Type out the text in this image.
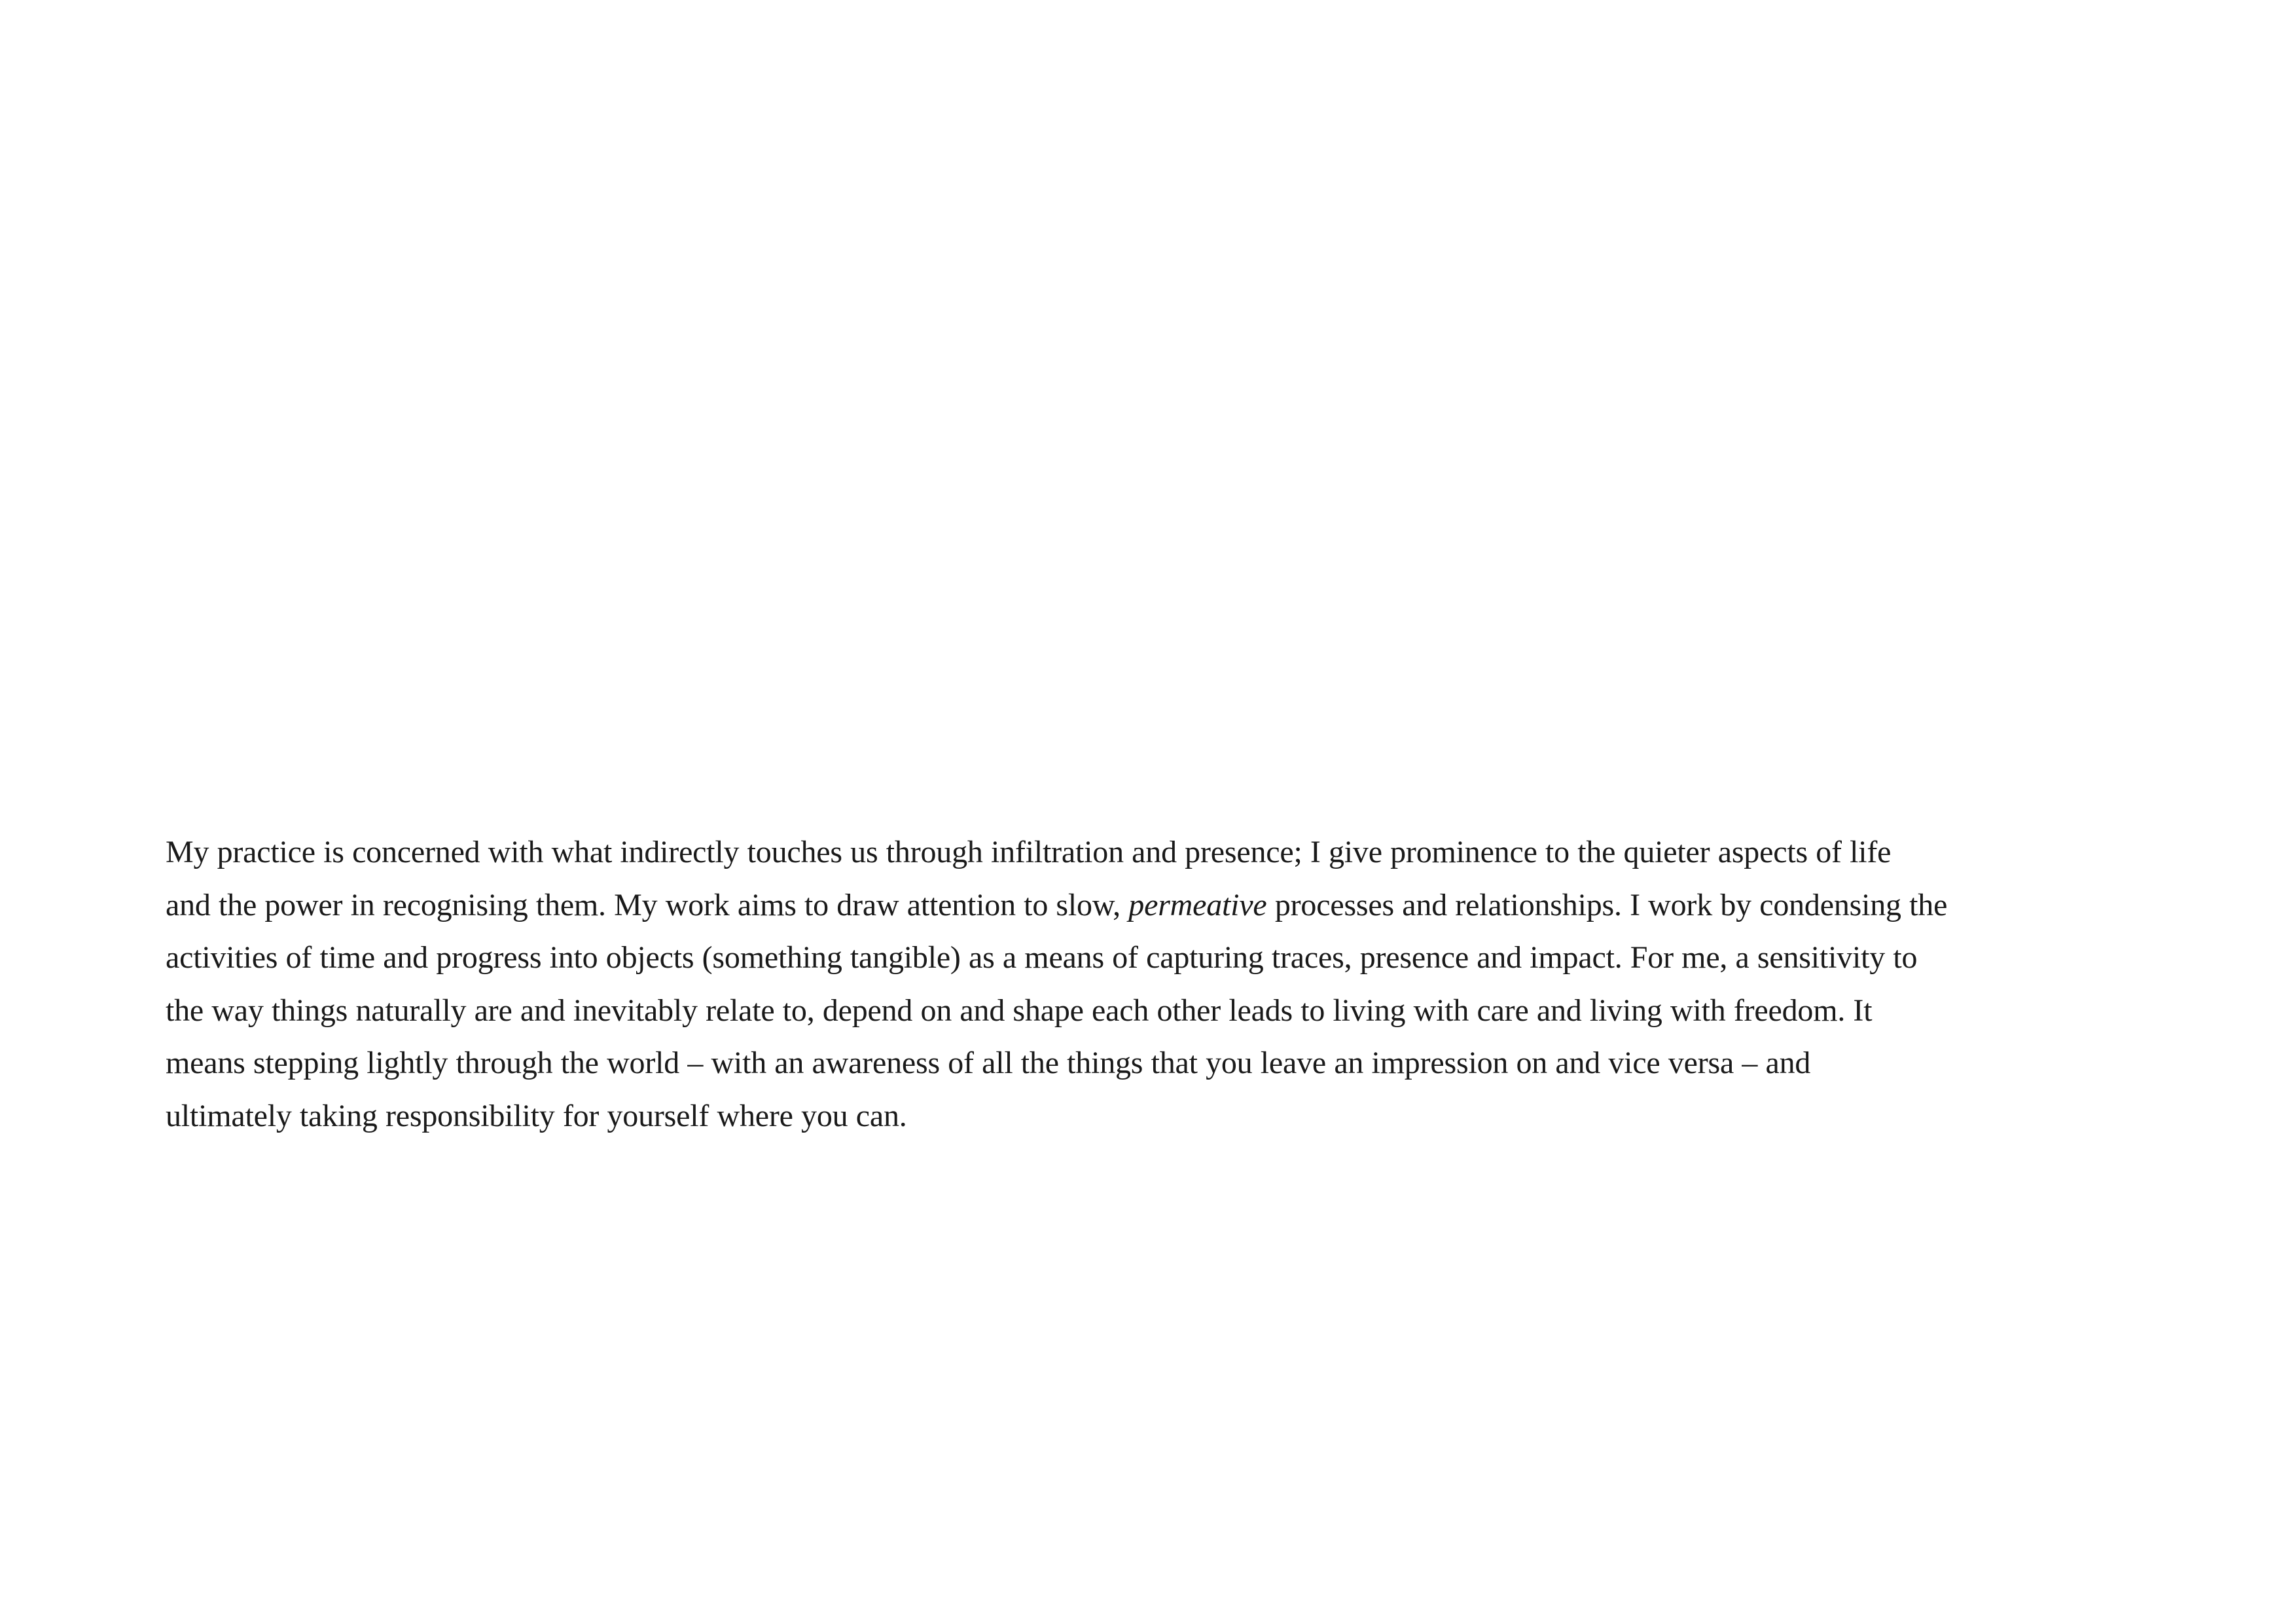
My practice is concerned with what indirectly touches us through infiltration and presence; I give prominence to the quieter aspects of life
and the power in recognising them. My work aims to draw attention to slow, permeative processes and relationships. I work by condensing the
activities of time and progress into objects (something tangible) as a means of capturing traces, presence and impact. For me, a sensitivity to
the way things naturally are and inevitably relate to, depend on and shape each other leads to living with care and living with freedom. It
means stepping lightly through the world – with an awareness of all the things that you leave an impression on and vice versa – and
ultimately taking responsibility for yourself where you can.
